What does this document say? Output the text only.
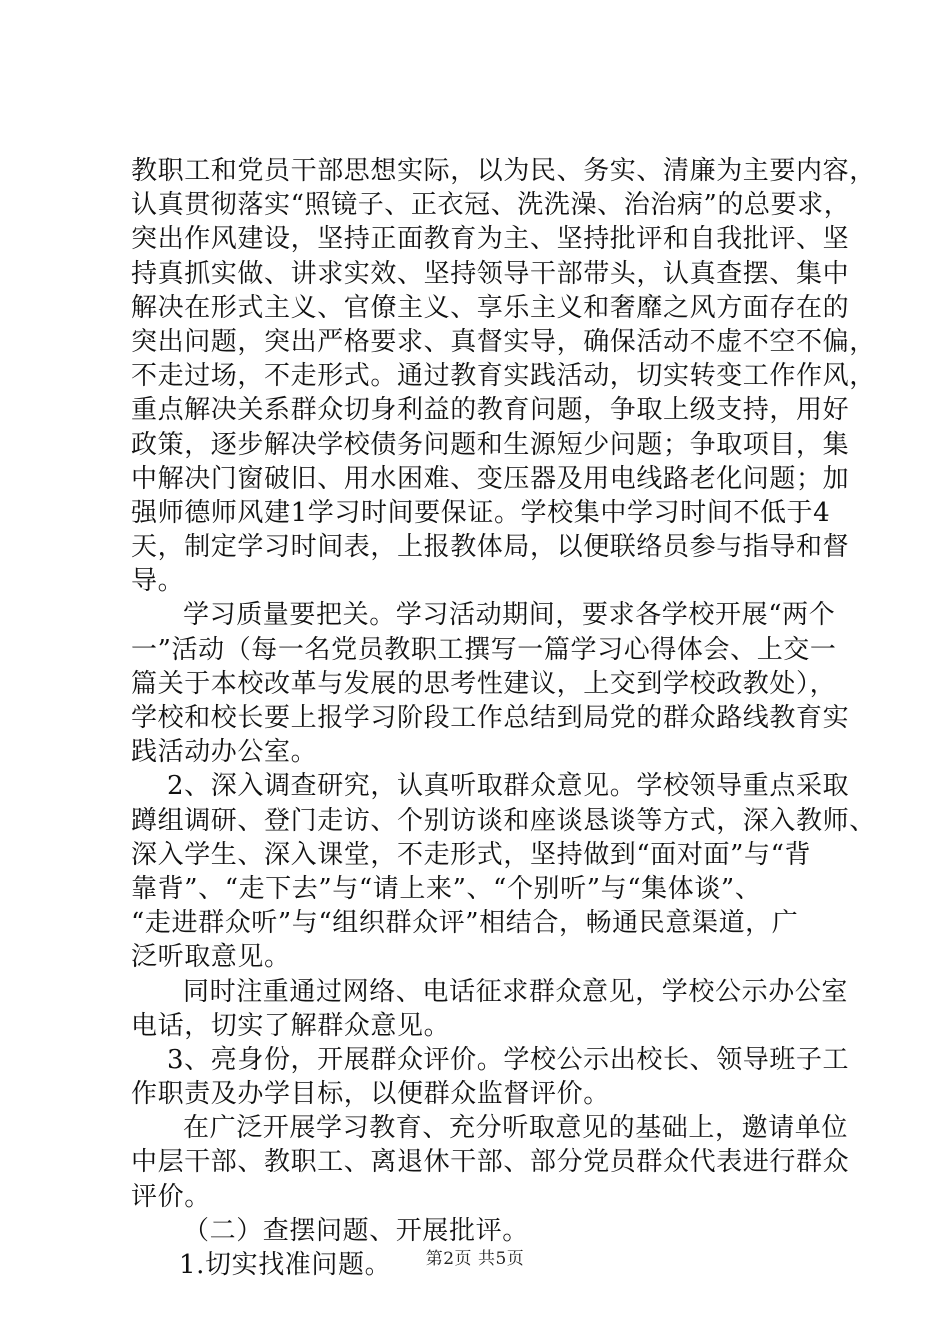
教职工和党员干部思想实际，以为民、务实、清廉为主要内容，
认真贯彻落实“照镜子、正衣冠、洗洗澡、治治病”的总要求，
突出作风建设，坚持正面教育为主、坚持批评和自我批评、坚
持真抓实做、讲求实效、坚持领导干部带头，认真查摆、集中
解决在形式主义、官僚主义、享乐主义和奢靡之风方面存在的
突出问题，突出严格要求、真督实导，确保活动不虚不空不偏，
不走过场，不走形式。通过教育实践活动，切实转变工作作风，
重点解决关系群众切身利益的教育问题，争取上级支持，用好
政策，逐步解决学校债务问题和生源短少问题；争取项目，集
中解决门窗破旧、用水困难、变压器及用电线路老化问题；加
强师德师风建1学习时间要保证。学校集中学习时间不低于4
天，制定学习时间表，上报教体局，以便联络员参与指导和督
导。
学习质量要把关。学习活动期间，要求各学校开展“两个
一”活动（每一名党员教职工撰写一篇学习心得体会、上交一
篇关于本校改革与发展的思考性建议，上交到学校政教处），
学校和校长要上报学习阶段工作总结到局党的群众路线教育实
践活动办公室。
2、深入调查研究，认真听取群众意见。学校领导重点采取
蹲组调研、登门走访、个别访谈和座谈恳谈等方式，深入教师、
深入学生、深入课堂，不走形式，坚持做到“面对面”与“背
靠背”、“走下去”与“请上来”、“个别听”与“集体谈”、
“走进群众听”与“组织群众评”相结合，畅通民意渠道，广
泛听取意见。
同时注重通过网络、电话征求群众意见，学校公示办公室
电话，切实了解群众意见。
3、亮身份，开展群众评价。学校公示出校长、领导班子工
作职责及办学目标，以便群众监督评价。
在广泛开展学习教育、充分听取意见的基础上，邀请单位
中层干部、教职工、离退休干部、部分党员群众代表进行群众
评价。
（二）查摆问题、开展批评。
1.切实找准问题。	第2页 共5页
